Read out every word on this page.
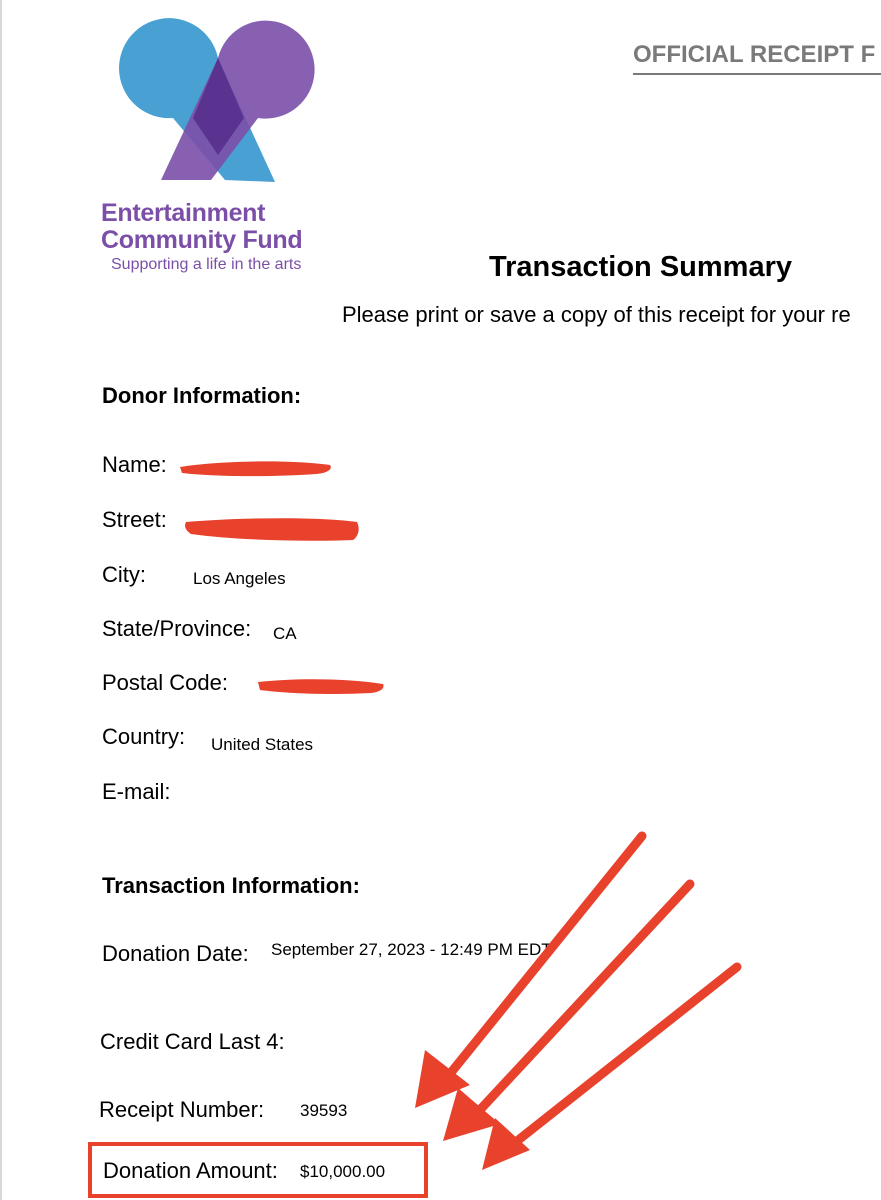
Entertainment
Community Fund
Supporting a life in the arts
OFFICIAL RECEIPT F
Transaction Summary
Please print or save a copy of this receipt for your re
Donor Information:
Name:
Street:
City:	Los Angeles
State/Province: CA
Postal Code:
Country: United States
E-mail:
Transaction Information:
Donation Date: September 27, 2023 - 12:49 PM EDT
Credit Card Last 4:
Receipt Number: 39593
Donation Amount: $10,000.00
